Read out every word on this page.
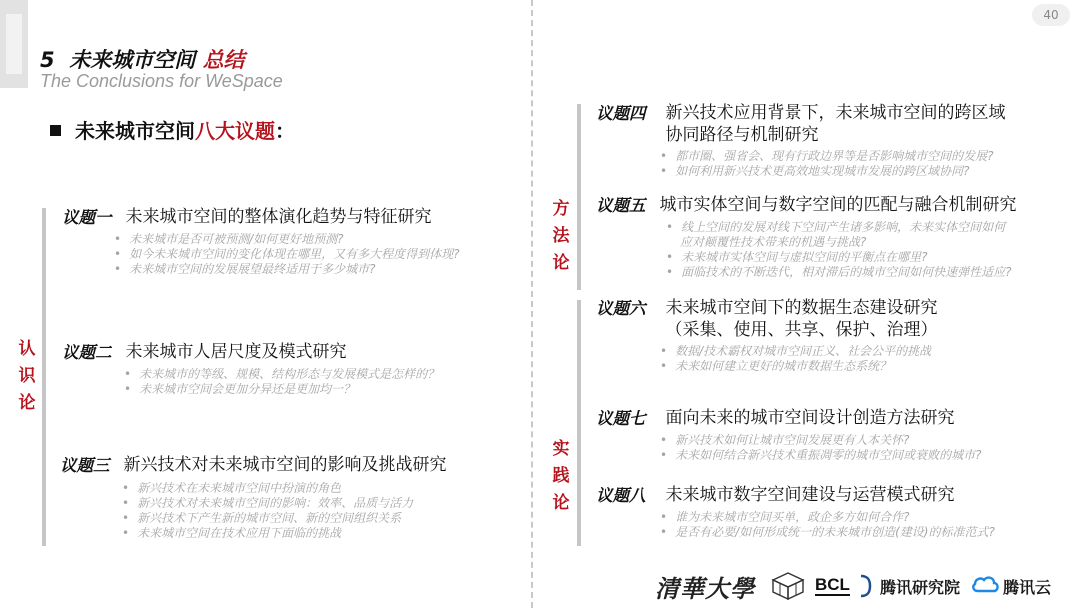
40
5 未来城市空间 总结
The Conclusions for WeSpace
未来城市空间八大议题：
认
识
论
方
法
论
实
践
论
议题一 未来城市空间的整体演化趋势与特征研究
• 未来城市是否可被预测/如何更好地预测?
• 如今未来城市空间的变化体现在哪里，又有多大程度得到体现?
• 未来城市空间的发展展望最终适用于多少城市?
议题二 未来城市人居尺度及模式研究
• 未来城市的等级、规模、结构形态与发展模式是怎样的？
• 未来城市空间会更加分异还是更加均一？
议题三 新兴技术对未来城市空间的影响及挑战研究
• 新兴技术在未来城市空间中扮演的角色
• 新兴技术对未来城市空间的影响：效率、品质与活力
• 新兴技术下产生新的城市空间、新的空间组织关系
• 未来城市空间在技术应用下面临的挑战
议题四 新兴技术应用背景下，未来城市空间的跨区域
协同路径与机制研究
• 都市圈、强省会、现有行政边界等是否影响城市空间的发展?
• 如何利用新兴技术更高效地实现城市发展的跨区域协同?
议题五 城市实体空间与数字空间的匹配与融合机制研究
• 线上空间的发展对线下空间产生诸多影响，未来实体空间如何
应对颠覆性技术带来的机遇与挑战?
• 未来城市实体空间与虚拟空间的平衡点在哪里?
• 面临技术的不断迭代，相对滞后的城市空间如何快速弹性适应?
议题六 未来城市空间下的数据生态建设研究
（采集、使用、共享、保护、治理）
• 数据/技术霸权对城市空间正义、社会公平的挑战
• 未来如何建立更好的城市数据生态系统？
议题七 面向未来的城市空间设计创造方法研究
• 新兴技术如何让城市空间发展更有人本关怀?
• 未来如何结合新兴技术重振凋零的城市空间或衰败的城市?
议题八 未来城市数字空间建设与运营模式研究
• 谁为未来城市空间买单，政企多方如何合作?
• 是否有必要/如何形成统一的未来城市创造(建设)的标准范式?
清華大學	BCL 腾讯研究院	腾讯云
